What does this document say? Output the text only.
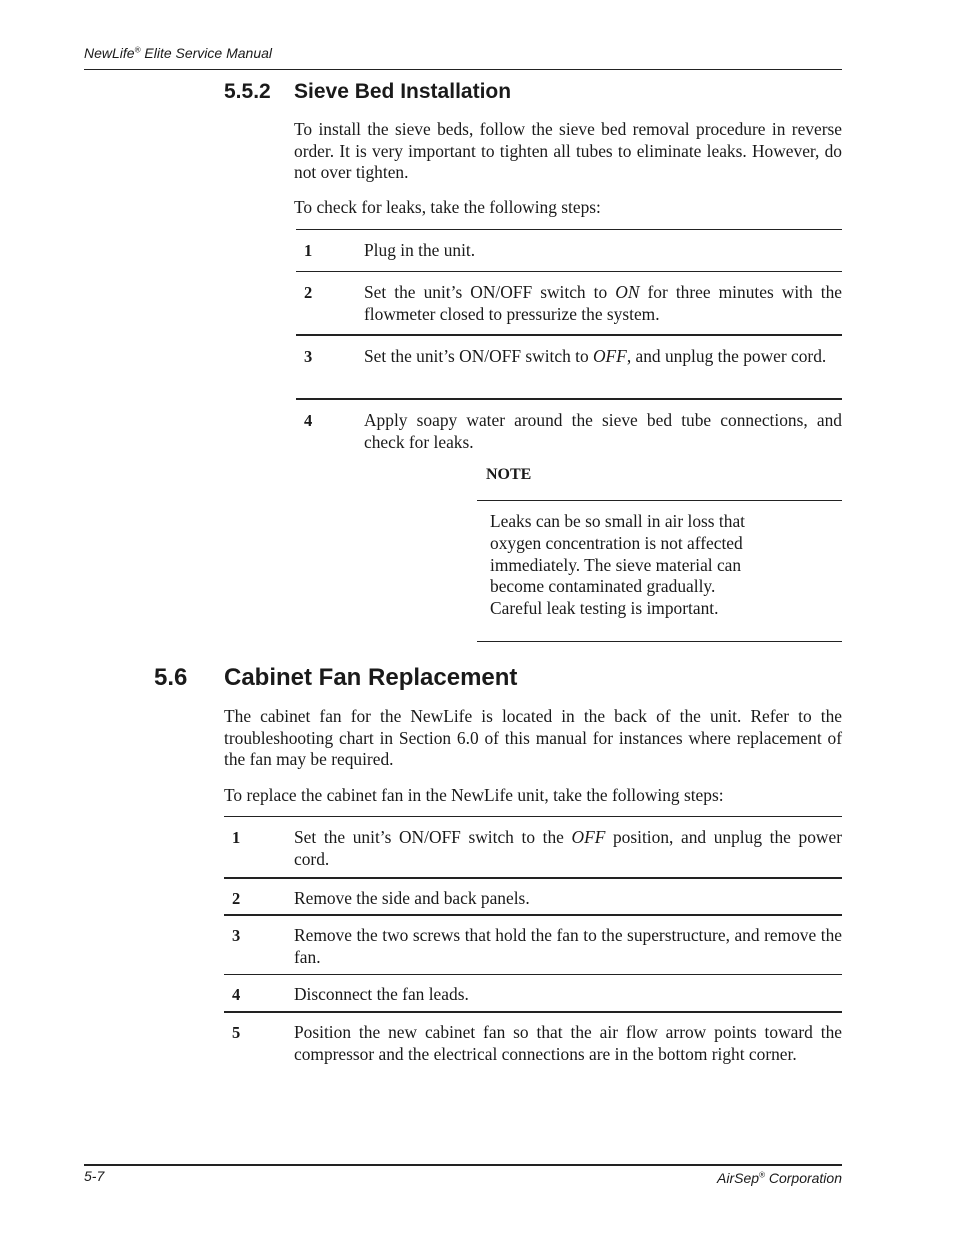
NewLife® Elite Service Manual
5.5.2 Sieve Bed Installation
To install the sieve beds, follow the sieve bed removal procedure in reverse order. It is very important to tighten all tubes to eliminate leaks. However, do not over tighten.
To check for leaks, take the following steps:
1	Plug in the unit.
2	Set the unit’s ON/OFF switch to ON for three minutes with the flowmeter closed to pressurize the system.
3	Set the unit’s ON/OFF switch to OFF, and unplug the power cord.
4	Apply soapy water around the sieve bed tube connections, and check for leaks.
NOTE
Leaks can be so small in air loss that
oxygen concentration is not affected
immediately. The sieve material can
become contaminated gradually.
Careful leak testing is important.
5.6 Cabinet Fan Replacement
The cabinet fan for the NewLife is located in the back of the unit. Refer to the troubleshooting chart in Section 6.0 of this manual for instances where replacement of the fan may be required.
To replace the cabinet fan in the NewLife unit, take the following steps:
1	Set the unit’s ON/OFF switch to the OFF position, and unplug the power cord.
2	Remove the side and back panels.
3	Remove the two screws that hold the fan to the superstructure, and remove the fan.
4	Disconnect the fan leads.
5	Position the new cabinet fan so that the air flow arrow points toward the compressor and the electrical connections are in the bottom right corner.
5-7	AirSep® Corporation
